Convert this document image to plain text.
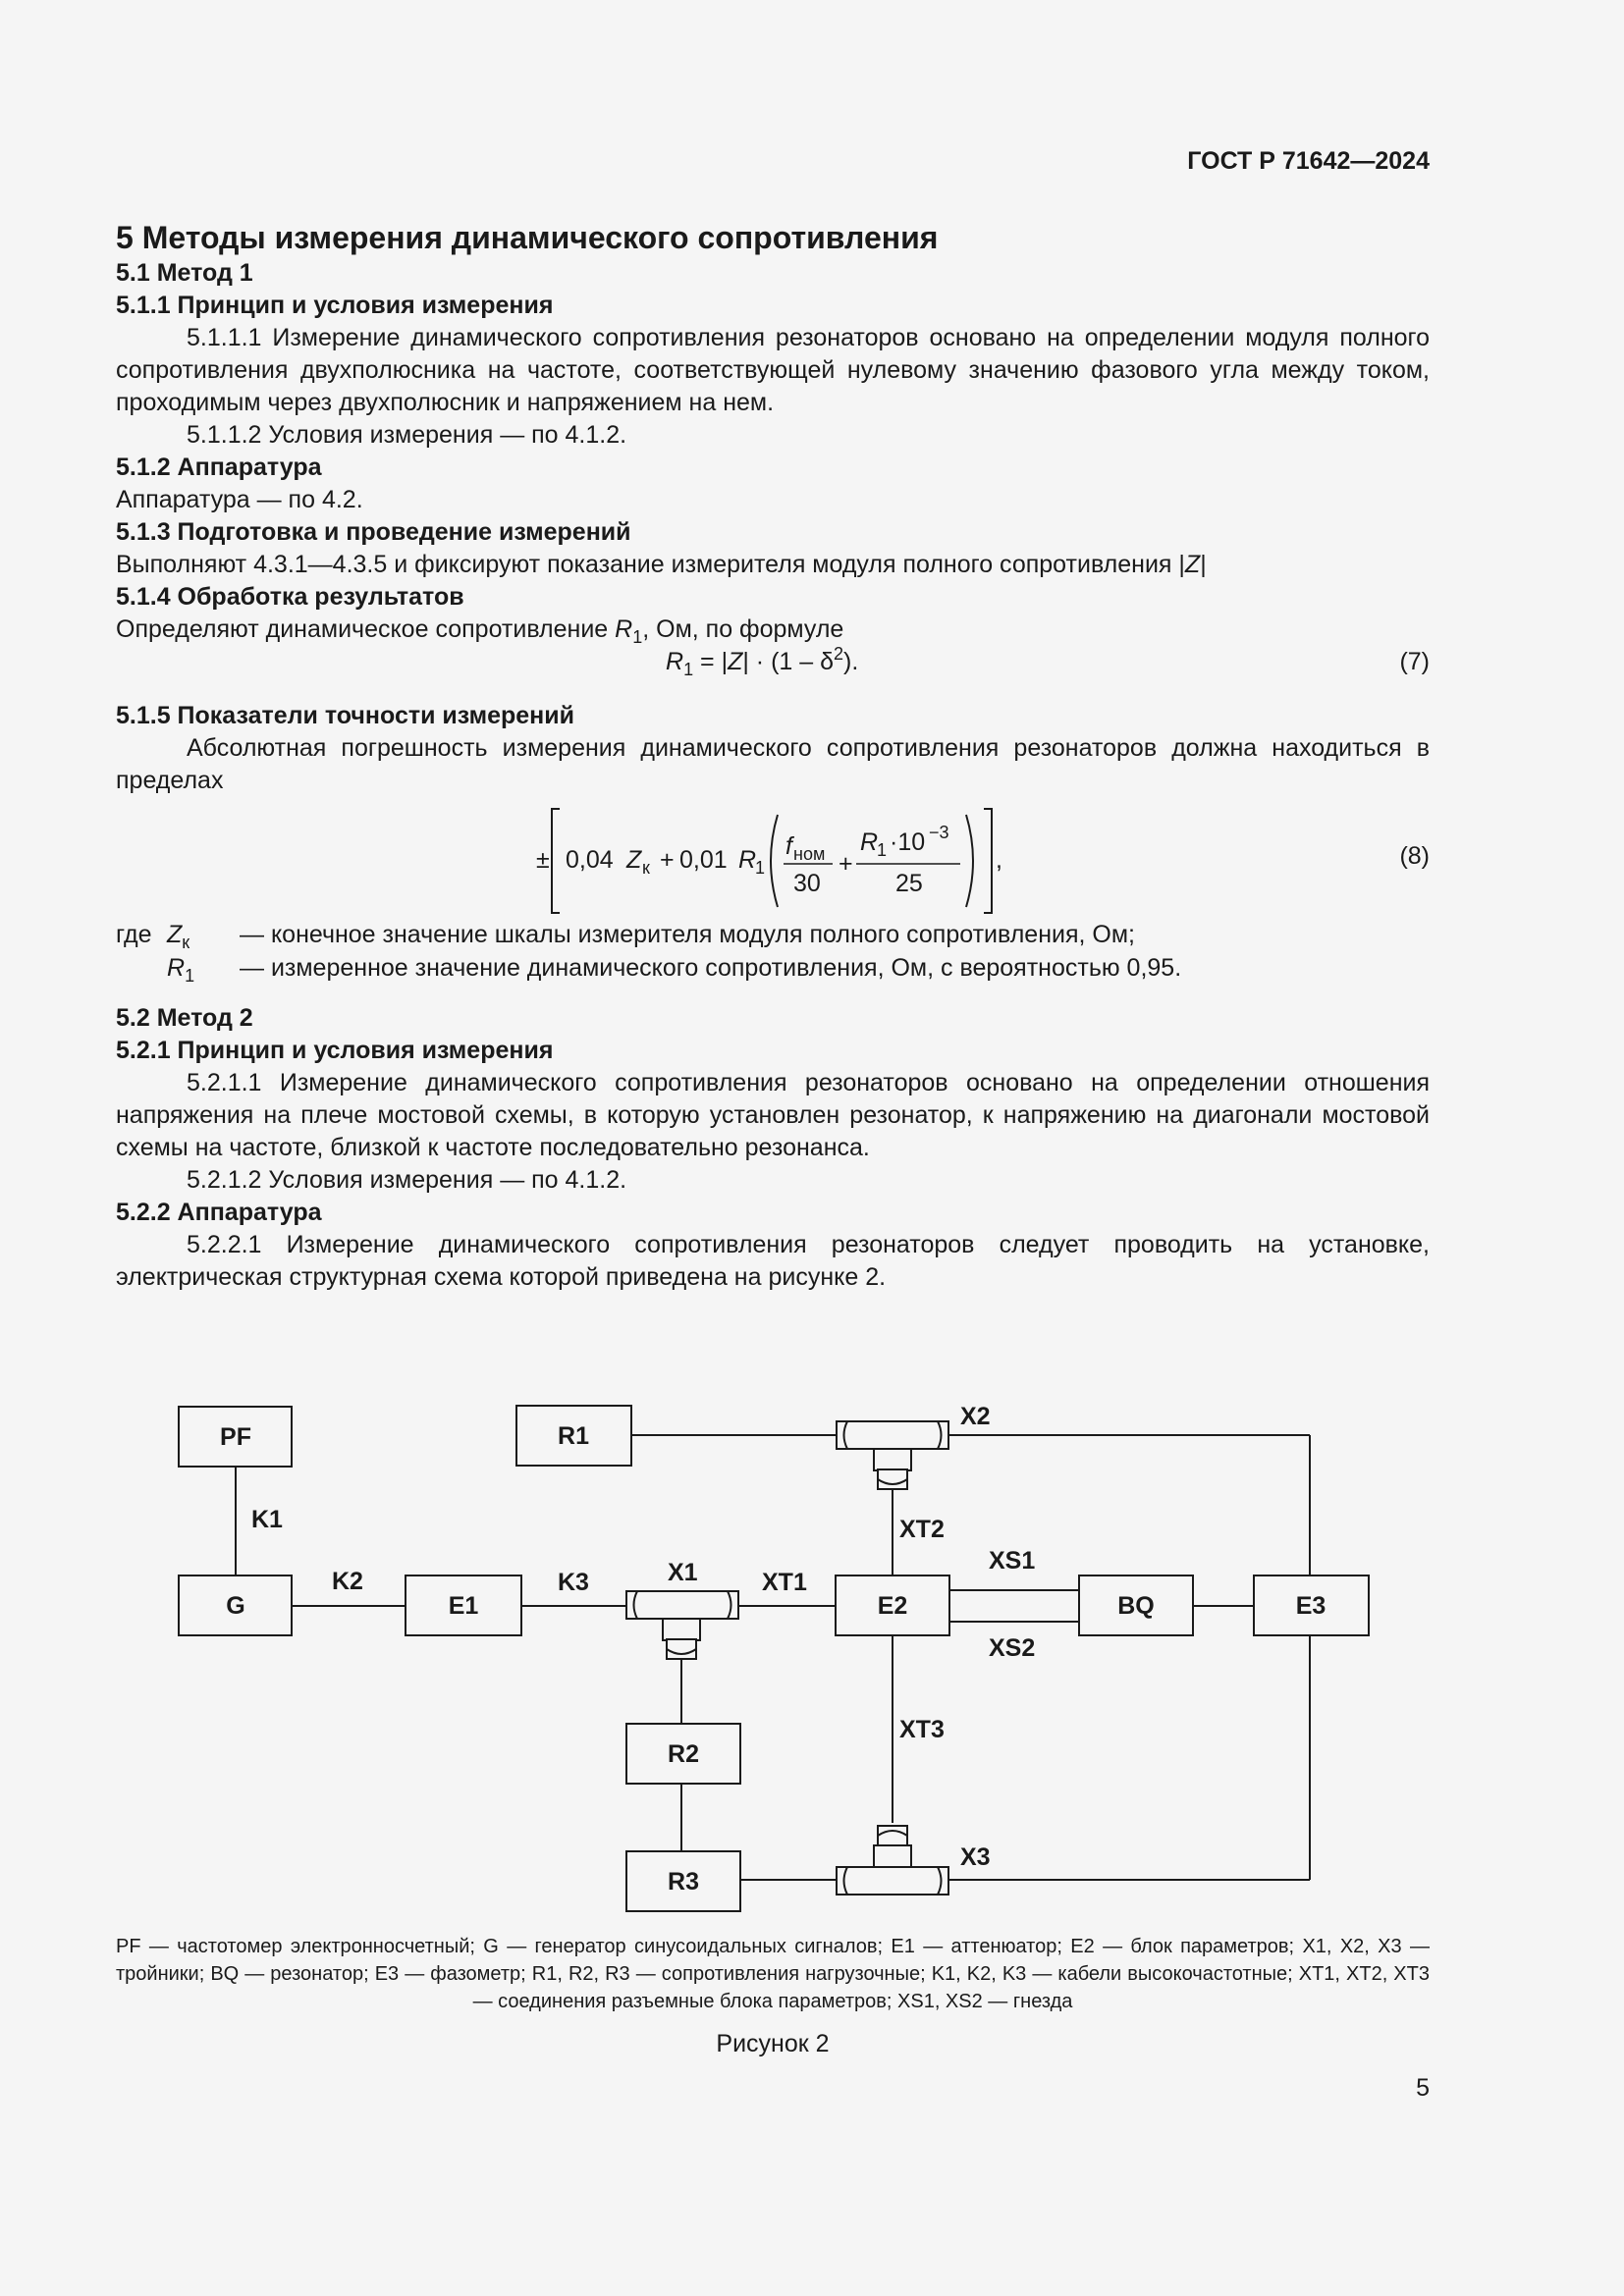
ГОСТ Р 71642—2024

5 Методы измерения динамического сопротивления

5.1 Метод 1

5.1.1 Принцип и условия измерения

5.1.1.1 Измерение динамического сопротивления резонаторов основано на определении модуля полного сопротивления двухполюсника на частоте, соответствующей нулевому значению фазового угла между током, проходимым через двухполюсник и напряжением на нем.

5.1.1.2 Условия измерения — по 4.1.2.

5.1.2 Аппаратура

Аппаратура — по 4.2.

5.1.3 Подготовка и проведение измерений

Выполняют 4.3.1—4.3.5 и фиксируют показание измерителя модуля полного сопротивления |Z|

5.1.4 Обработка результатов

Определяют динамическое сопротивление $R_1$, Ом, по формуле

$R_1 = |Z| \cdot (1 - \delta^2)$.	(7)

5.1.5 Показатели точности измерений

Абсолютная погрешность измерения динамического сопротивления резонаторов должна находиться в пределах

± 0,04 Z к + 0,01 R
1
f ном
30
+
R
1 ·10 −3
25
,	(8)
где $Z_к$ — конечное значение шкалы измерителя модуля полного сопротивления, Ом;
$R_1$ — измеренное значение динамического сопротивления, Ом, с вероятностью 0,95.

5.2 Метод 2

5.2.1 Принцип и условия измерения

5.2.1.1 Измерение динамического сопротивления резонаторов основано на определении отношения напряжения на плече мостовой схемы, в которую установлен резонатор, к напряжению на диагонали мостовой схемы на частоте, близкой к частоте последовательно резонанса.

5.2.1.2 Условия измерения — по 4.1.2.

5.2.2 Аппаратура

5.2.2.1 Измерение динамического сопротивления резонаторов следует проводить на установке, электрическая структурная схема которой приведена на рисунке 2.

PF
G	E1	E2	BQ	E3
R1
R2
R3
K1
K2	K3	X1	XT1
X2
XT2
XS1
XS2
XT3
X3
PF — частотомер электронносчетный; G — генератор синусоидальных сигналов; E1 — аттенюатор; E2 — блок параметров; X1, X2, X3 — тройники; BQ — резонатор; E3 — фазометр; R1, R2, R3 — сопротивления нагрузочные; K1, K2, K3 — кабели высокочастотные; XT1, XT2, XT3 — соединения разъемные блока параметров; XS1, XS2 — гнезда
Рисунок 2
5
